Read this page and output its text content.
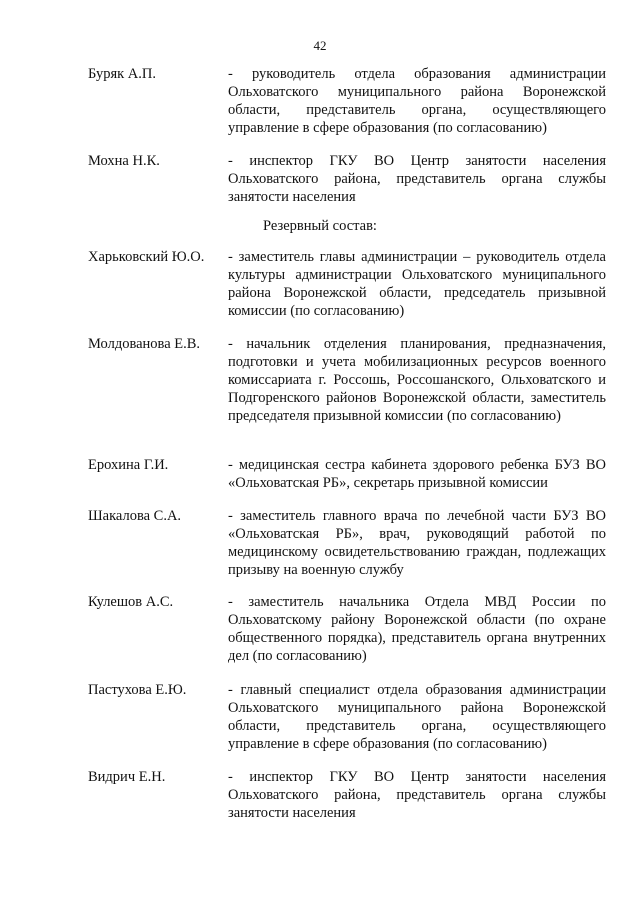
42
Буряк А.П.	- руководитель отдела образования администрации Ольховатского муниципального района Воронежской области, представитель органа, осуществляющего управление в сфере образования (по согласованию)
Мохна Н.К.	- инспектор ГКУ ВО Центр занятости населения Ольховатского района, представитель органа службы занятости населения
Резервный состав:
Харьковский Ю.О. - заместитель главы администрации – руководитель отдела культуры администрации Ольховатского муниципального района Воронежской области, председатель призывной комиссии (по согласованию)
Молдованова Е.В. - начальник отделения планирования, предназначения, подготовки и учета мобилизационных ресурсов военного комиссариата г. Россошь, Россошанского, Ольховатского и Подгоренского районов Воронежской области, заместитель председателя призывной комиссии (по согласованию)
Ерохина Г.И.	- медицинская сестра кабинета здорового ребенка БУЗ ВО «Ольховатская РБ», секретарь призывной комиссии
Шакалова С.А.	- заместитель главного врача по лечебной части БУЗ ВО «Ольховатская РБ», врач, руководящий работой по медицинскому освидетельствованию граждан, подлежащих призыву на военную службу
Кулешов А.С.	- заместитель начальника Отдела МВД России по Ольховатскому району Воронежской области (по охране общественного порядка), представитель органа внутренних дел (по согласованию)
Пастухова Е.Ю.	- главный специалист отдела образования администрации Ольховатского муниципального района Воронежской области, представитель органа, осуществляющего управление в сфере образования (по согласованию)
Видрич Е.Н.	- инспектор ГКУ ВО Центр занятости населения Ольховатского района, представитель органа службы занятости населения
